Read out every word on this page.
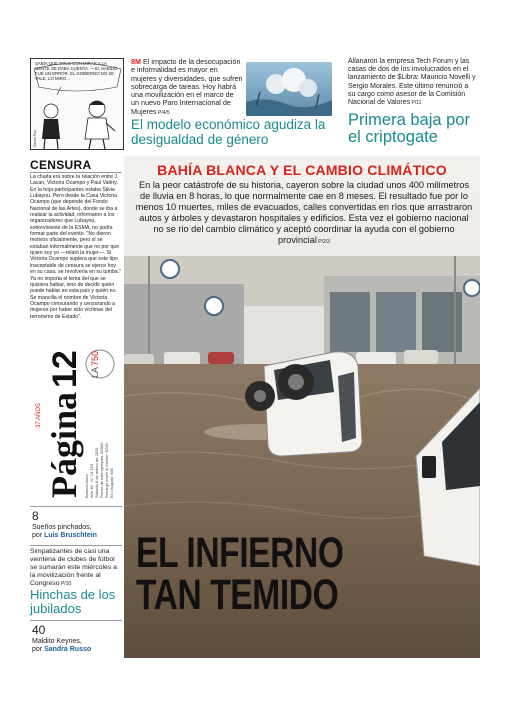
SABÍA QUE SOLO CON MIRAR A LA GENTE SE DABA CUENTA. —SÍ, SABIDO FUE UN ERROR. EL GOBIERNO NO SE VALE, LO MIRO…
Daniel Paz
8M El impacto de la desocupación e informalidad es mayor en mujeres y diversidades, que sufren sobrecarga de tareas. Hoy habrá una movilización en el marco de un nuevo Paro Internacional de Mujeres P/4/5
El modelo económico agudiza la desigualdad de género
Allanaron la empresa Tech Forum y las casas de dos de los involucrados en el lanzamiento de $Libra: Mauricio Novelli y Sergio Morales. Este último renunció a su cargo como asesor de la Comisión Nacional de Valores P/11
Primera baja por el criptogate
CENSURA
La charla era sobre la relación entre J. Lacan, Victoria Ocampo y Paul Valéry. En la hoja participantes estaba Silvia Lubayou. Pero desde la Casa Victoria Ocampo (que depende del Fondo Nacional de las Artes), donde se iba a realizar la actividad, informaron a los organizadores que Lubayou, sobreviviente de la ESMA, no podía formar parte del evento. "No dieron motivos oficialmente, pero sí se estaban informalmente que no por que quien soy yo —relató la mujer—. Si Victoria Ocampo supiera que este tipo inaceptable de censura se ejerce hoy en su casa, se revolvería en su tumba." Ya no importa el tema del que se quisiera hablar, sino de decidir quién puede hablar en esta país y quién no. Se mancilla el nombre de Victoria Ocampo censurando y censurando a mujeres por haber sido víctimas del terrorismo de Estado".
Página
12
37 AÑOS
LA
750
Buenos Aires Año 38 · N° 13.153 Sábado 8 de marzo de 2025 Precio de este ejemplar: $2000 Recargo envío al interior: $200 En Uruguay: $60
8
Sueños pinchados,
por Luis Bruschtein
Simpatizantes de casi una veintena de clubes de fútbol se sumarán este miércoles a la movilización frente al Congreso P/10
Hinchas de los jubilados
40
Maldito Keynes,
por Sandra Russo
BAHÍA BLANCA Y EL CAMBIO CLIMÁTICO
En la peor catástrofe de su historia, cayeron sobre la ciudad unos 400 milímetros de lluvia en 8 horas, lo que normalmente cae en 8 meses. El resultado fue por lo menos 10 muertes, miles de evacuados, calles convertidas en ríos que arrastraron autos y árboles y devastaron hospitales y edificios. Esta vez el gobierno nacional no se rio del cambio climático y aceptó coordinar la ayuda con el gobierno provincial P/2/3
EL INFIERNO
TAN TEMIDO
